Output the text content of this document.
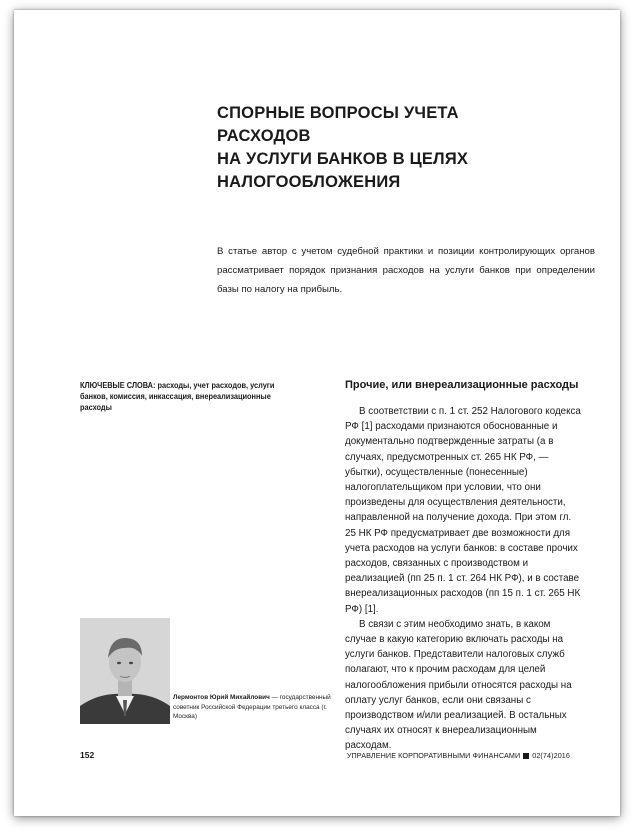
СПОРНЫЕ ВОПРОСЫ УЧЕТА РАСХОДОВ
НА УСЛУГИ БАНКОВ В ЦЕЛЯХ
НАЛОГООБЛОЖЕНИЯ
В статье автор с учетом судебной практики и позиции контролирующих органов рассматривает порядок признания расходов на услуги банков при определении базы по налогу на прибыль.
КЛЮЧЕВЫЕ СЛОВА: расходы, учет расходов, услуги банков, комиссия, инкассация, внереализационные расходы
Прочие, или внереализационные расходы

В соответствии с п. 1 ст. 252 Налогового кодекса РФ [1] расходами признаются обоснованные и документально подтвержденные затраты (а в случаях, предусмотренных ст. 265 НК РФ, — убытки), осуществленные (понесенные) налогоплательщиком при условии, что они произведены для осуществления деятельности, направленной на получение дохода. При этом гл. 25 НК РФ предусматривает две возможности для учета расходов на услуги банков: в составе прочих расходов, связанных с производством и реализацией (пп 25 п. 1 ст. 264 НК РФ), и в составе внереализационных расходов (пп 15 п. 1 ст. 265 НК РФ) [1].

В связи с этим необходимо знать, в каком случае в какую категорию включать расходы на услуги банков. Представители налоговых служб полагают, что к прочим расходам для целей налогообложения прибыли относятся расходы на оплату услуг банков, если они связаны с производством и/или реализацией. В остальных случаях их относят к внереализационным расходам.

Лермонтов Юрий Михайлович — государственный советник Российской Федерации третьего класса (г. Москва)
152	УПРАВЛЕНИЕ КОРПОРАТИВНЫМИ ФИНАНСАМИ 02(74)2016
